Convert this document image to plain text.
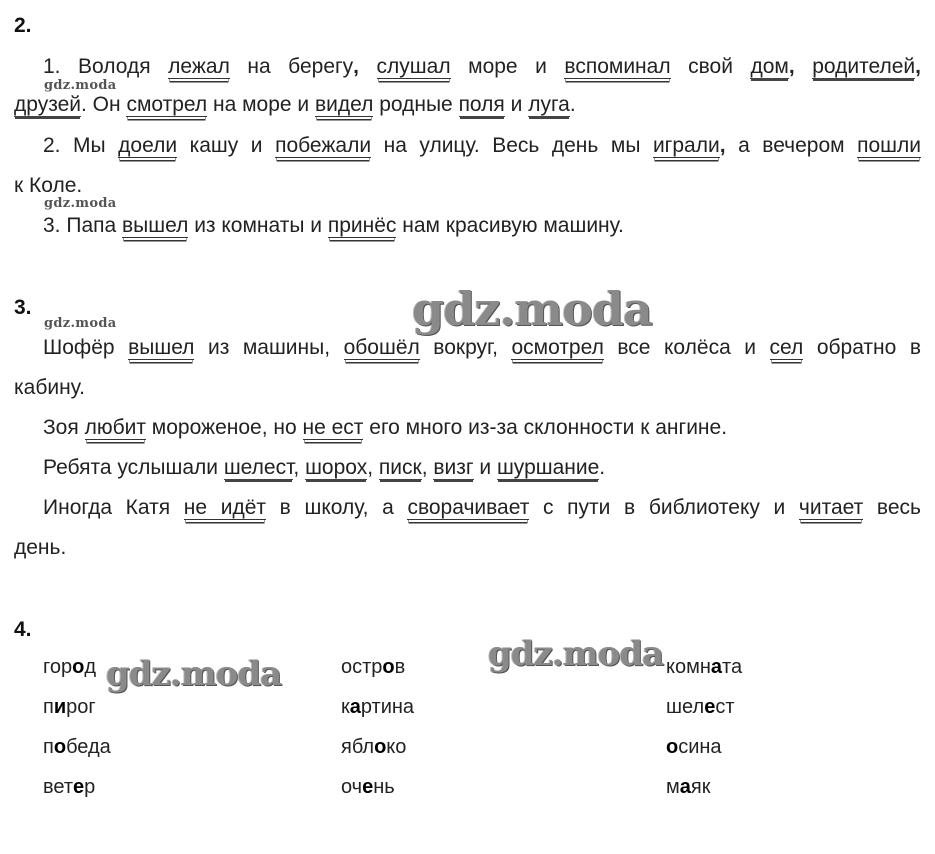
2.
1. Володя лежал на берегу, слушал море и вспоминал свой дом, родителей,
друзей. Он смотрел на море и видел родные поля и луга.
2. Мы доели кашу и побежали на улицу. Весь день мы играли, а вечером пошли
к Коле.
3. Папа вышел из комнаты и принёс нам красивую машину.
3.
Шофёр вышел из машины, обошёл вокруг, осмотрел все колёса и сел обратно в
кабину.
Зоя любит мороженое, но не ест его много из-за склонности к ангине.
Ребята услышали шелест, шорох, писк, визг и шуршание.
Иногда Катя не идёт в школу, а сворачивает с пути в библиотеку и читает весь
день.
4.
город
пирог
победа
ветер
остров
картина
яблоко
очень
комната
шелест
осина
маяк
gdz.moda
gdz.moda
gdz.moda	gdz.moda
gdz.moda
gdz.moda
